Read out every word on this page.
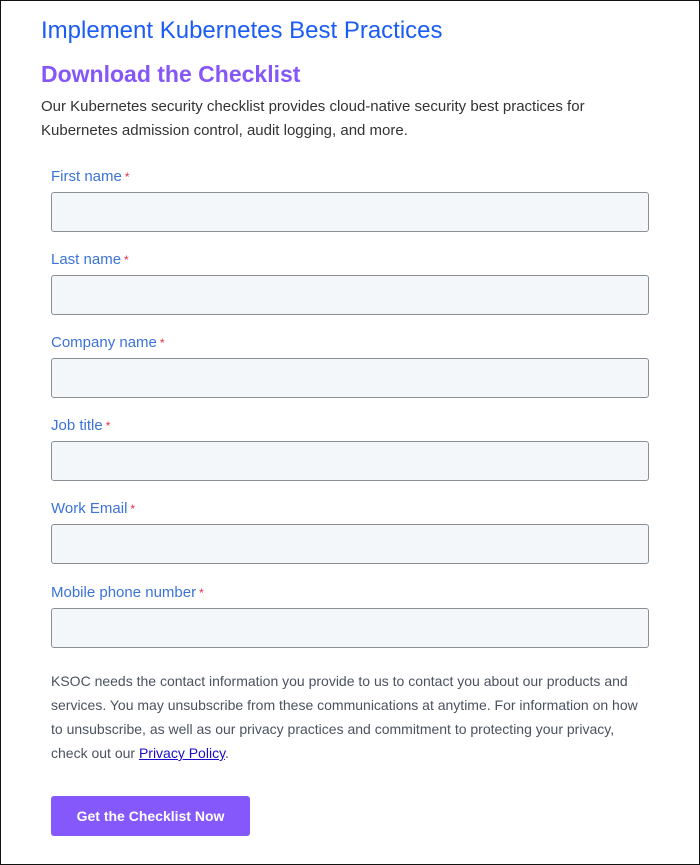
Implement Kubernetes Best Practices
Download the Checklist

Our Kubernetes security checklist provides cloud-native security best practices for Kubernetes admission control, audit logging, and more.

First name *
Last name *
Company name *
Job title *
Work Email *
Mobile phone number *

KSOC needs the contact information you provide to us to contact you about our products and services. You may unsubscribe from these communications at anytime. For information on how to unsubscribe, as well as our privacy practices and commitment to protecting your privacy, check out our Privacy Policy.

Get the Checklist Now
